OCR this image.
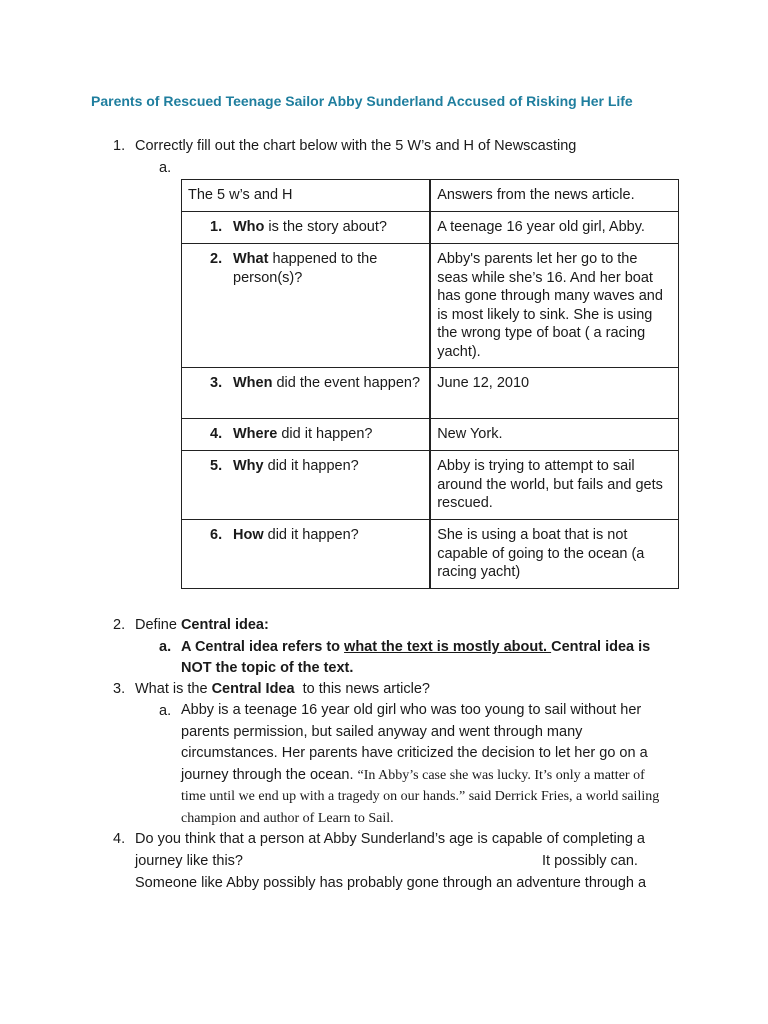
Parents of Rescued Teenage Sailor Abby Sunderland Accused of Risking Her Life
1. Correctly fill out the chart below with the 5 W’s and H of Newscasting
a.
The 5 w’s and H	Answers from the news article.

1. Who is the story about?	A teenage 16 year old girl, Abby.

2. What happened to the person(s)?	Abby's parents let her go to the seas while she’s 16. And her boat has gone through many waves and is most likely to sink. She is using the wrong type of boat ( a racing yacht).

3. When did the event happen?	June 12, 2010

4. Where did it happen?	New York.

5. Why did it happen?	Abby is trying to attempt to sail around the world, but fails and gets rescued.

6. How did it happen?	She is using a boat that is not capable of going to the ocean (a racing yacht)
2. Define Central idea:
a. A Central idea refers to what the text is mostly about. Central idea is
NOT the topic of the text.
3. What is the Central Idea  to this news article?
a. Abby is a teenage 16 year old girl who was too young to sail without her
parents permission, but sailed anyway and went through many
circumstances. Her parents have criticized the decision to let her go on a
journey through the ocean. “In Abby’s case she was lucky. It’s only a matter of
time until we end up with a tragedy on our hands.” said Derrick Fries, a world sailing
champion and author of Learn to Sail.
4. Do you think that a person at Abby Sunderland’s age is capable of completing a
journey like this?	It possibly can.
Someone like Abby possibly has probably gone through an adventure through a
